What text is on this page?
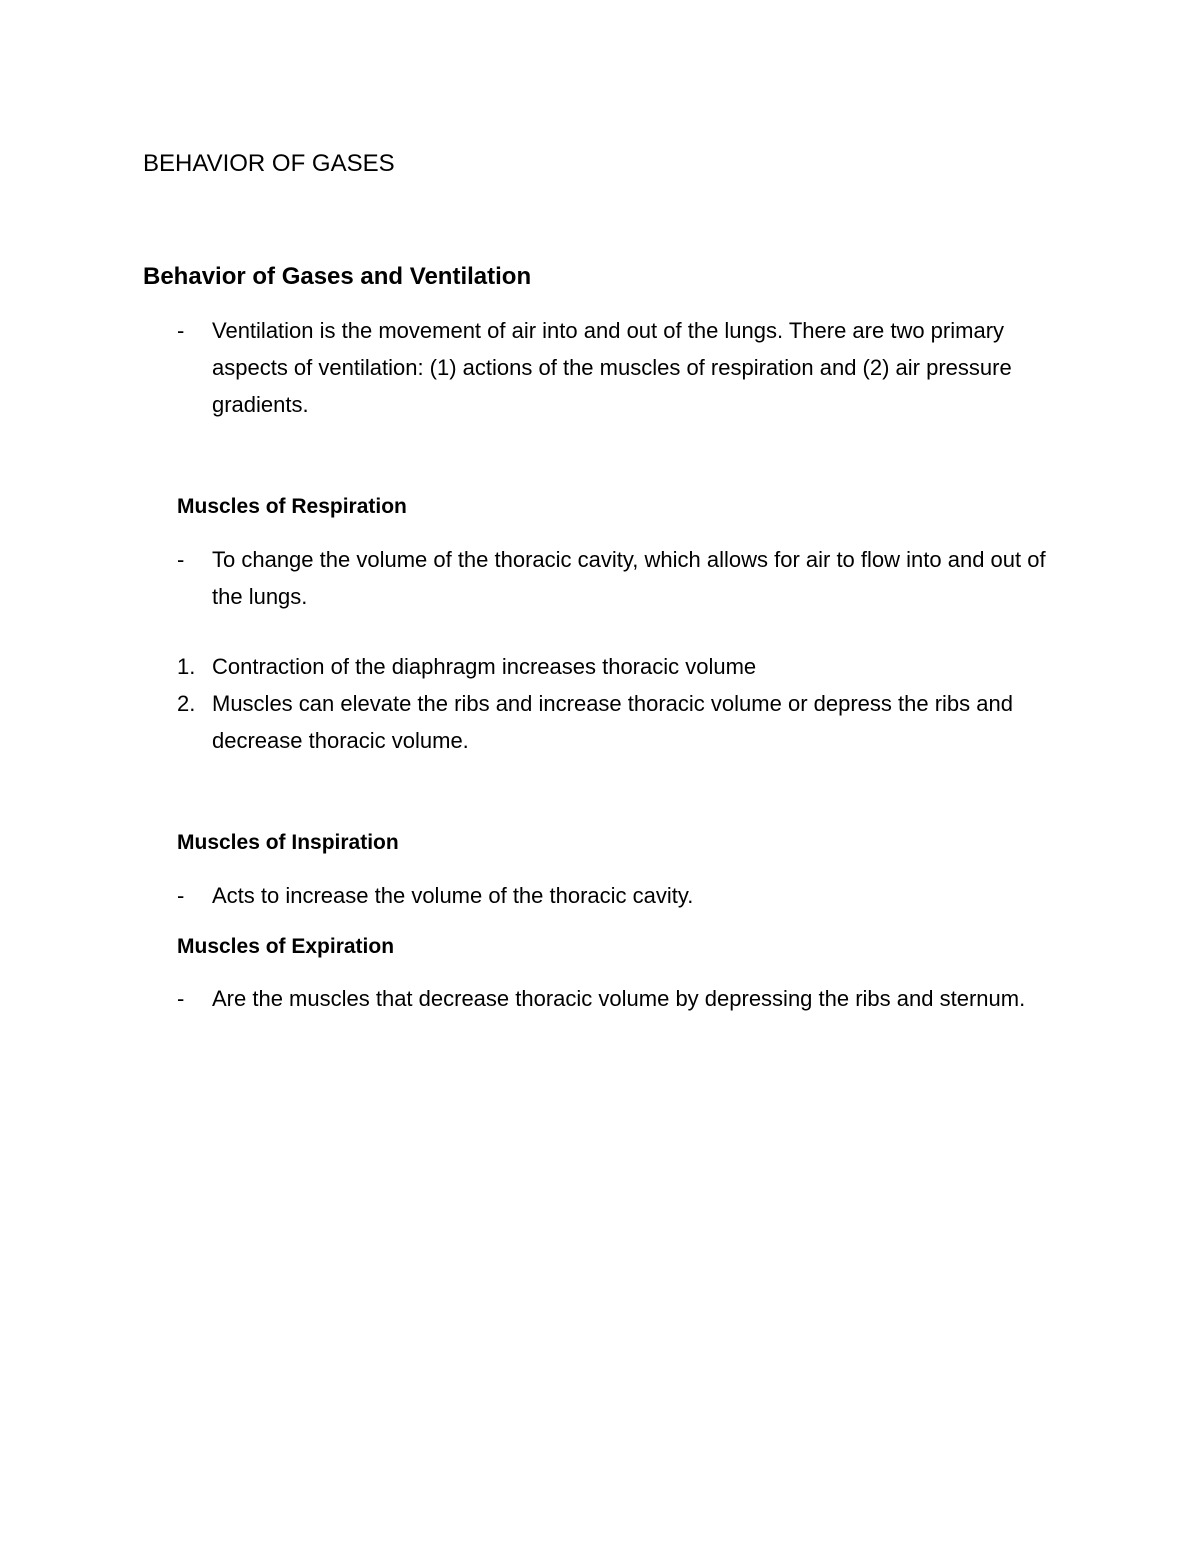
BEHAVIOR OF GASES
Behavior of Gases and Ventilation
-	Ventilation is the movement of air into and out of the lungs. There are two primary aspects of ventilation: (1) actions of the muscles of respiration and (2) air pressure gradients.
Muscles of Respiration
-	To change the volume of the thoracic cavity, which allows for air to flow into and out of the lungs.
1. Contraction of the diaphragm increases thoracic volume
2. Muscles can elevate the ribs and increase thoracic volume or depress the ribs and decrease thoracic volume.
Muscles of Inspiration
-	Acts to increase the volume of the thoracic cavity.
Muscles of Expiration
-	Are the muscles that decrease thoracic volume by depressing the ribs and sternum.
